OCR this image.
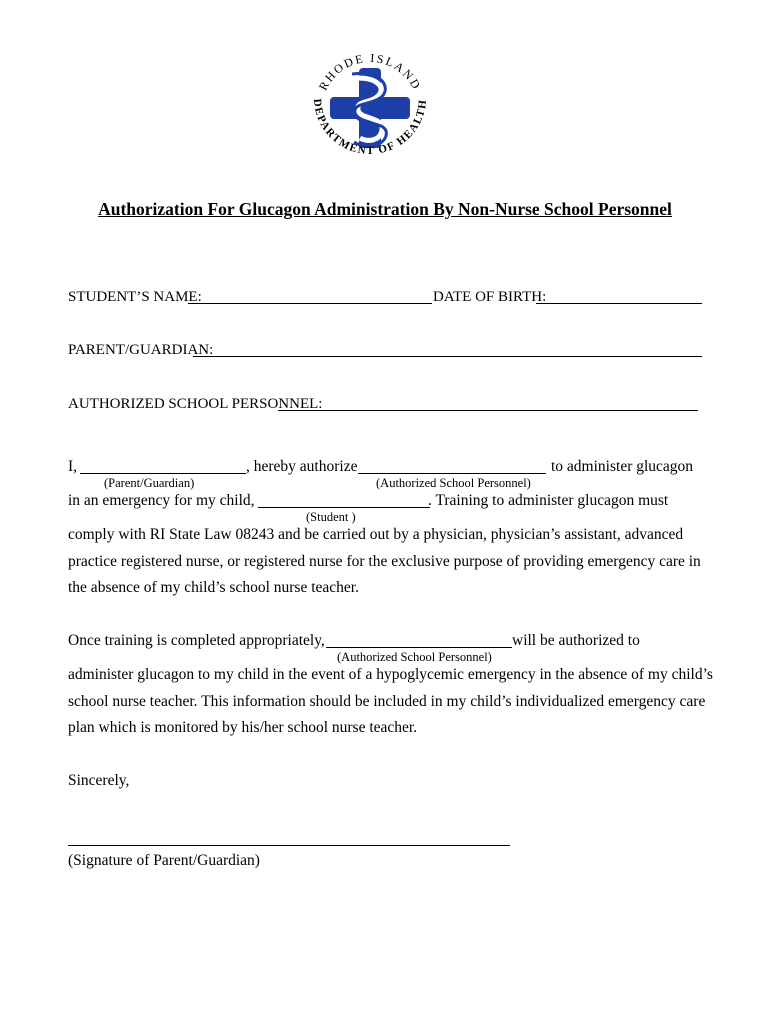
RHODE ISLAND
DEPARTMENT OF HEALTH
Authorization For Glucagon Administration By Non-Nurse School Personnel
STUDENT’S NAME:	DATE OF BIRTH:
PARENT/GUARDIAN:
AUTHORIZED SCHOOL PERSONNEL:
I,	, hereby authorize	to administer glucagon
(Parent/Guardian)	(Authorized School Personnel)
in an emergency for my child,	. Training to administer glucagon must
(Student )
comply with RI State Law 08243 and be carried out by a physician, physician’s assistant, advanced
practice registered nurse, or registered nurse for the exclusive purpose of providing emergency care in
the absence of my child’s school nurse teacher.
Once training is completed appropriately,	will be authorized to
(Authorized School Personnel)
administer glucagon to my child in the event of a hypoglycemic emergency in the absence of my child’s
school nurse teacher. This information should be included in my child’s individualized emergency care
plan which is monitored by his/her school nurse teacher.
Sincerely,
(Signature of Parent/Guardian)
